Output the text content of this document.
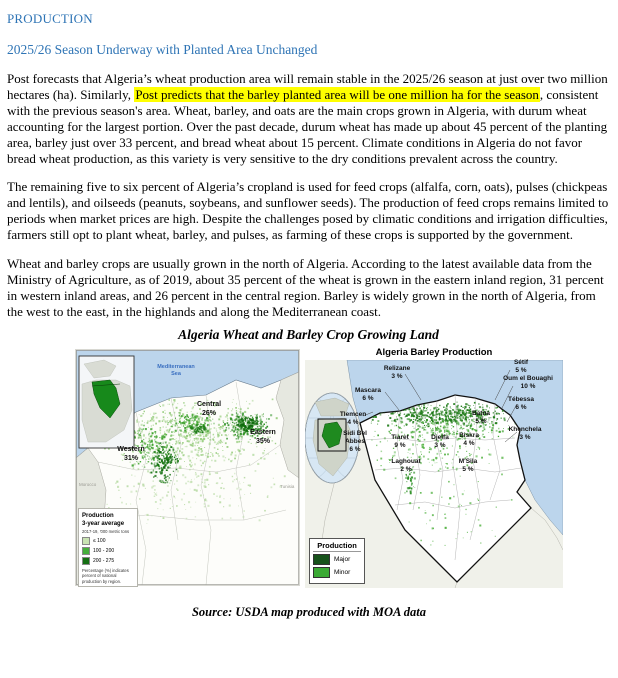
PRODUCTION
2025/26 Season Underway with Planted Area Unchanged

Post forecasts that Algeria’s wheat production area will remain stable in the 2025/26 season at just over two million hectares (ha). Similarly, Post predicts that the barley planted area will be one million ha for the season, consistent with the previous season's area. Wheat, barley, and oats are the main crops grown in Algeria, with durum wheat accounting for the largest portion. Over the past decade, durum wheat has made up about 45 percent of the planting area, barley just over 33 percent, and bread wheat about 15 percent. Climate conditions in Algeria do not favor bread wheat production, as this variety is very sensitive to the dry conditions prevalent across the country.

The remaining five to six percent of Algeria’s cropland is used for feed crops (alfalfa, corn, oats), pulses (chickpeas and lentils), and oilseeds (peanuts, soybeans, and sunflower seeds). The production of feed crops remains limited to periods when market prices are high. Despite the challenges posed by climatic conditions and irrigation difficulties, farmers still opt to plant wheat, barley, and pulses, as farming of these crops is supported by the government.

Wheat and barley crops are usually grown in the north of Algeria. According to the latest available data from the Ministry of Agriculture, as of 2019, about 35 percent of the wheat is grown in the eastern inland region, 31 percent in western inland areas, and 26 percent in the central region. Barley is widely grown in the north of Algeria, from the west to the east, in the highlands and along the Mediterranean coast.

Algeria Wheat and Barley Crop Growing Land
Mediterranean
Sea
Western
31%
Central
26%
Eastern
35%
Morocco	Tunisia
Production
3-year average
2017-19, '000 metric tons
≤ 100
100 - 200
200 - 275
Percentage (%) indicates percent of national production by region.
Algeria Barley Production
Relizane
3 %
Mascara
6 %
Tlemcen
4 %
Sidi Bel
Abbes
6 %
Tiaret
9 %
Laghouat
2 %
Djelfa
3 %
M'Sila
5 %
Biskra
4 %
Batna
5 %
Khenchela
3 %
Tébessa
6 %
Oum el Bouaghi
10 %
Sétif
5 %
Production
Major
Minor
Source: USDA map produced with MOA data
